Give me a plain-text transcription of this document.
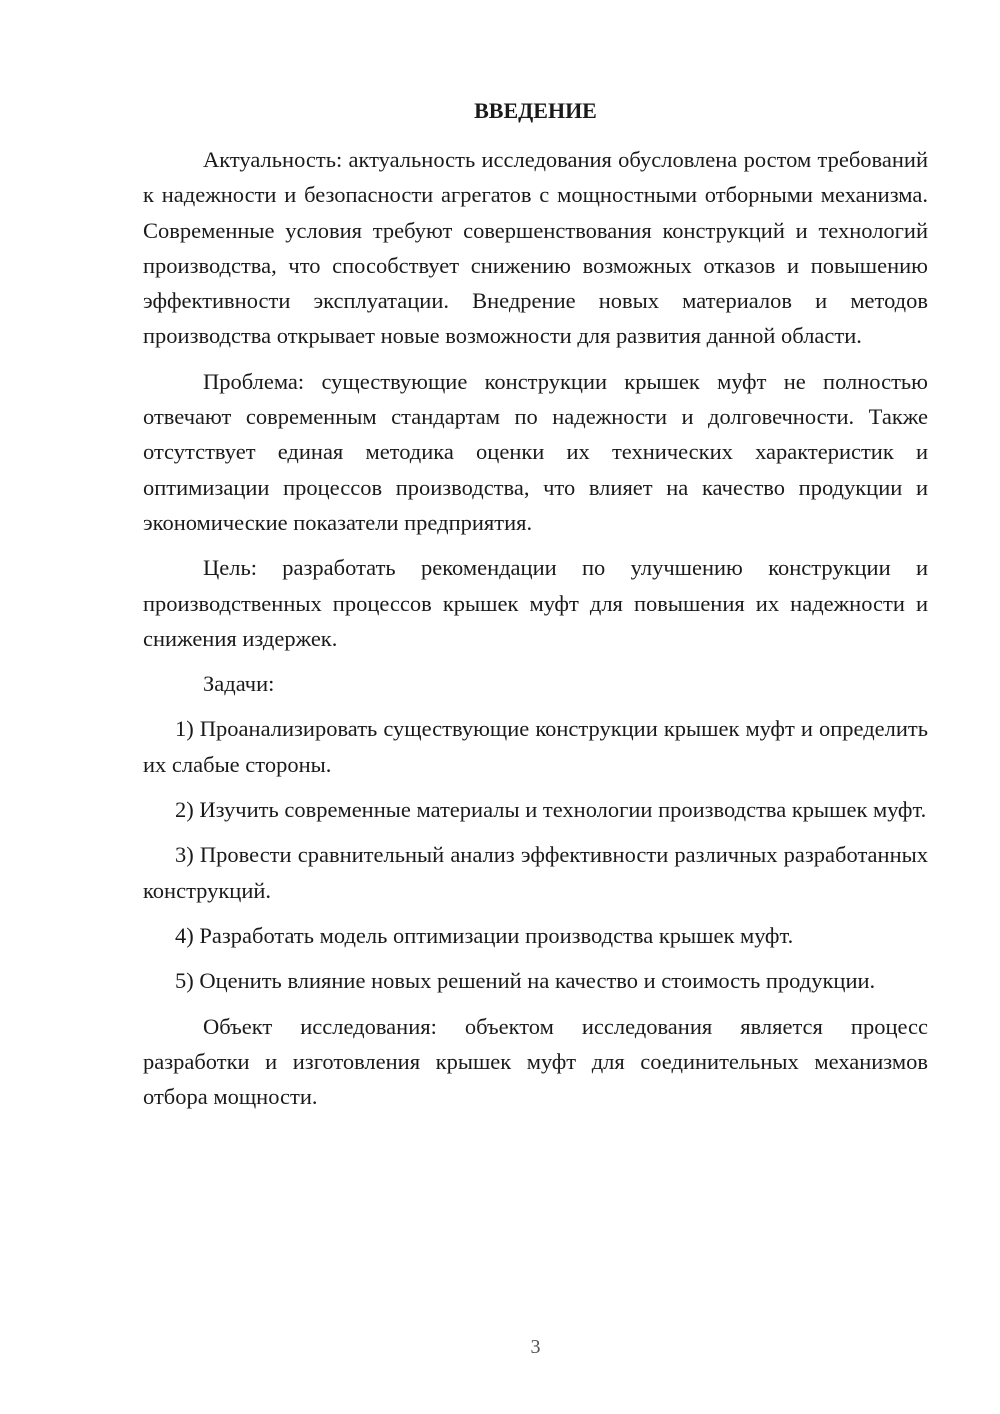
ВВЕДЕНИЕ

Актуальность: актуальность исследования обусловлена ростом требований к надежности и безопасности агрегатов с мощностными отборными механизма. Современные условия требуют совершенствования конструкций и технологий производства, что способствует снижению возможных отказов и повышению эффективности эксплуатации. Внедрение новых материалов и методов производства открывает новые возможности для развития данной области.

Проблема: существующие конструкции крышек муфт не полностью отвечают современным стандартам по надежности и долговечности. Также отсутствует единая методика оценки их технических характеристик и оптимизации процессов производства, что влияет на качество продукции и экономические показатели предприятия.

Цель: разработать рекомендации по улучшению конструкции и производственных процессов крышек муфт для повышения их надежности и снижения издержек.

Задачи:

1) Проанализировать существующие конструкции крышек муфт и определить их слабые стороны.

2) Изучить современные материалы и технологии производства крышек муфт.

3) Провести сравнительный анализ эффективности различных разработанных конструкций.

4) Разработать модель оптимизации производства крышек муфт.

5) Оценить влияние новых решений на качество и стоимость продукции.

Объект исследования: объектом исследования является процесс разработки и изготовления крышек муфт для соединительных механизмов отбора мощности.

3
